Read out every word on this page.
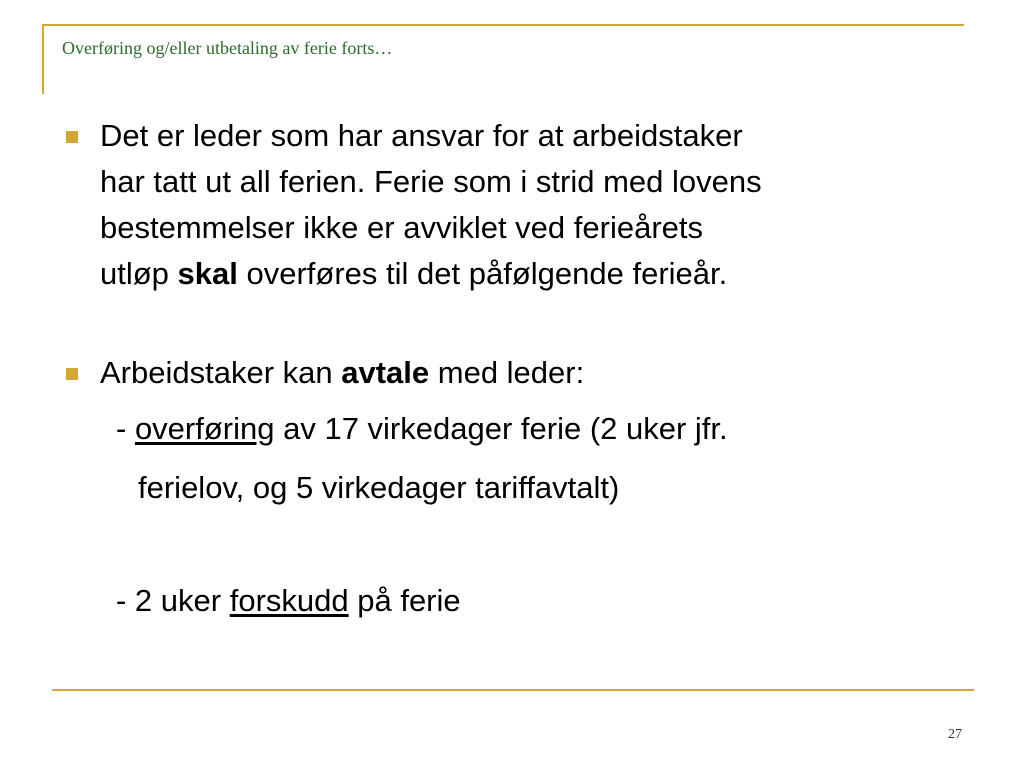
Overføring og/eller utbetaling av ferie forts…
Det er leder som har ansvar for at arbeidstaker
har tatt ut all ferien. Ferie som i strid med lovens
bestemmelser ikke er avviklet ved ferieårets
utløp skal overføres til det påfølgende ferieår.
Arbeidstaker kan avtale med leder:
- overføring av 17 virkedager ferie (2 uker jfr.
ferielov, og 5 virkedager tariffavtalt)
- 2 uker forskudd på ferie
27
